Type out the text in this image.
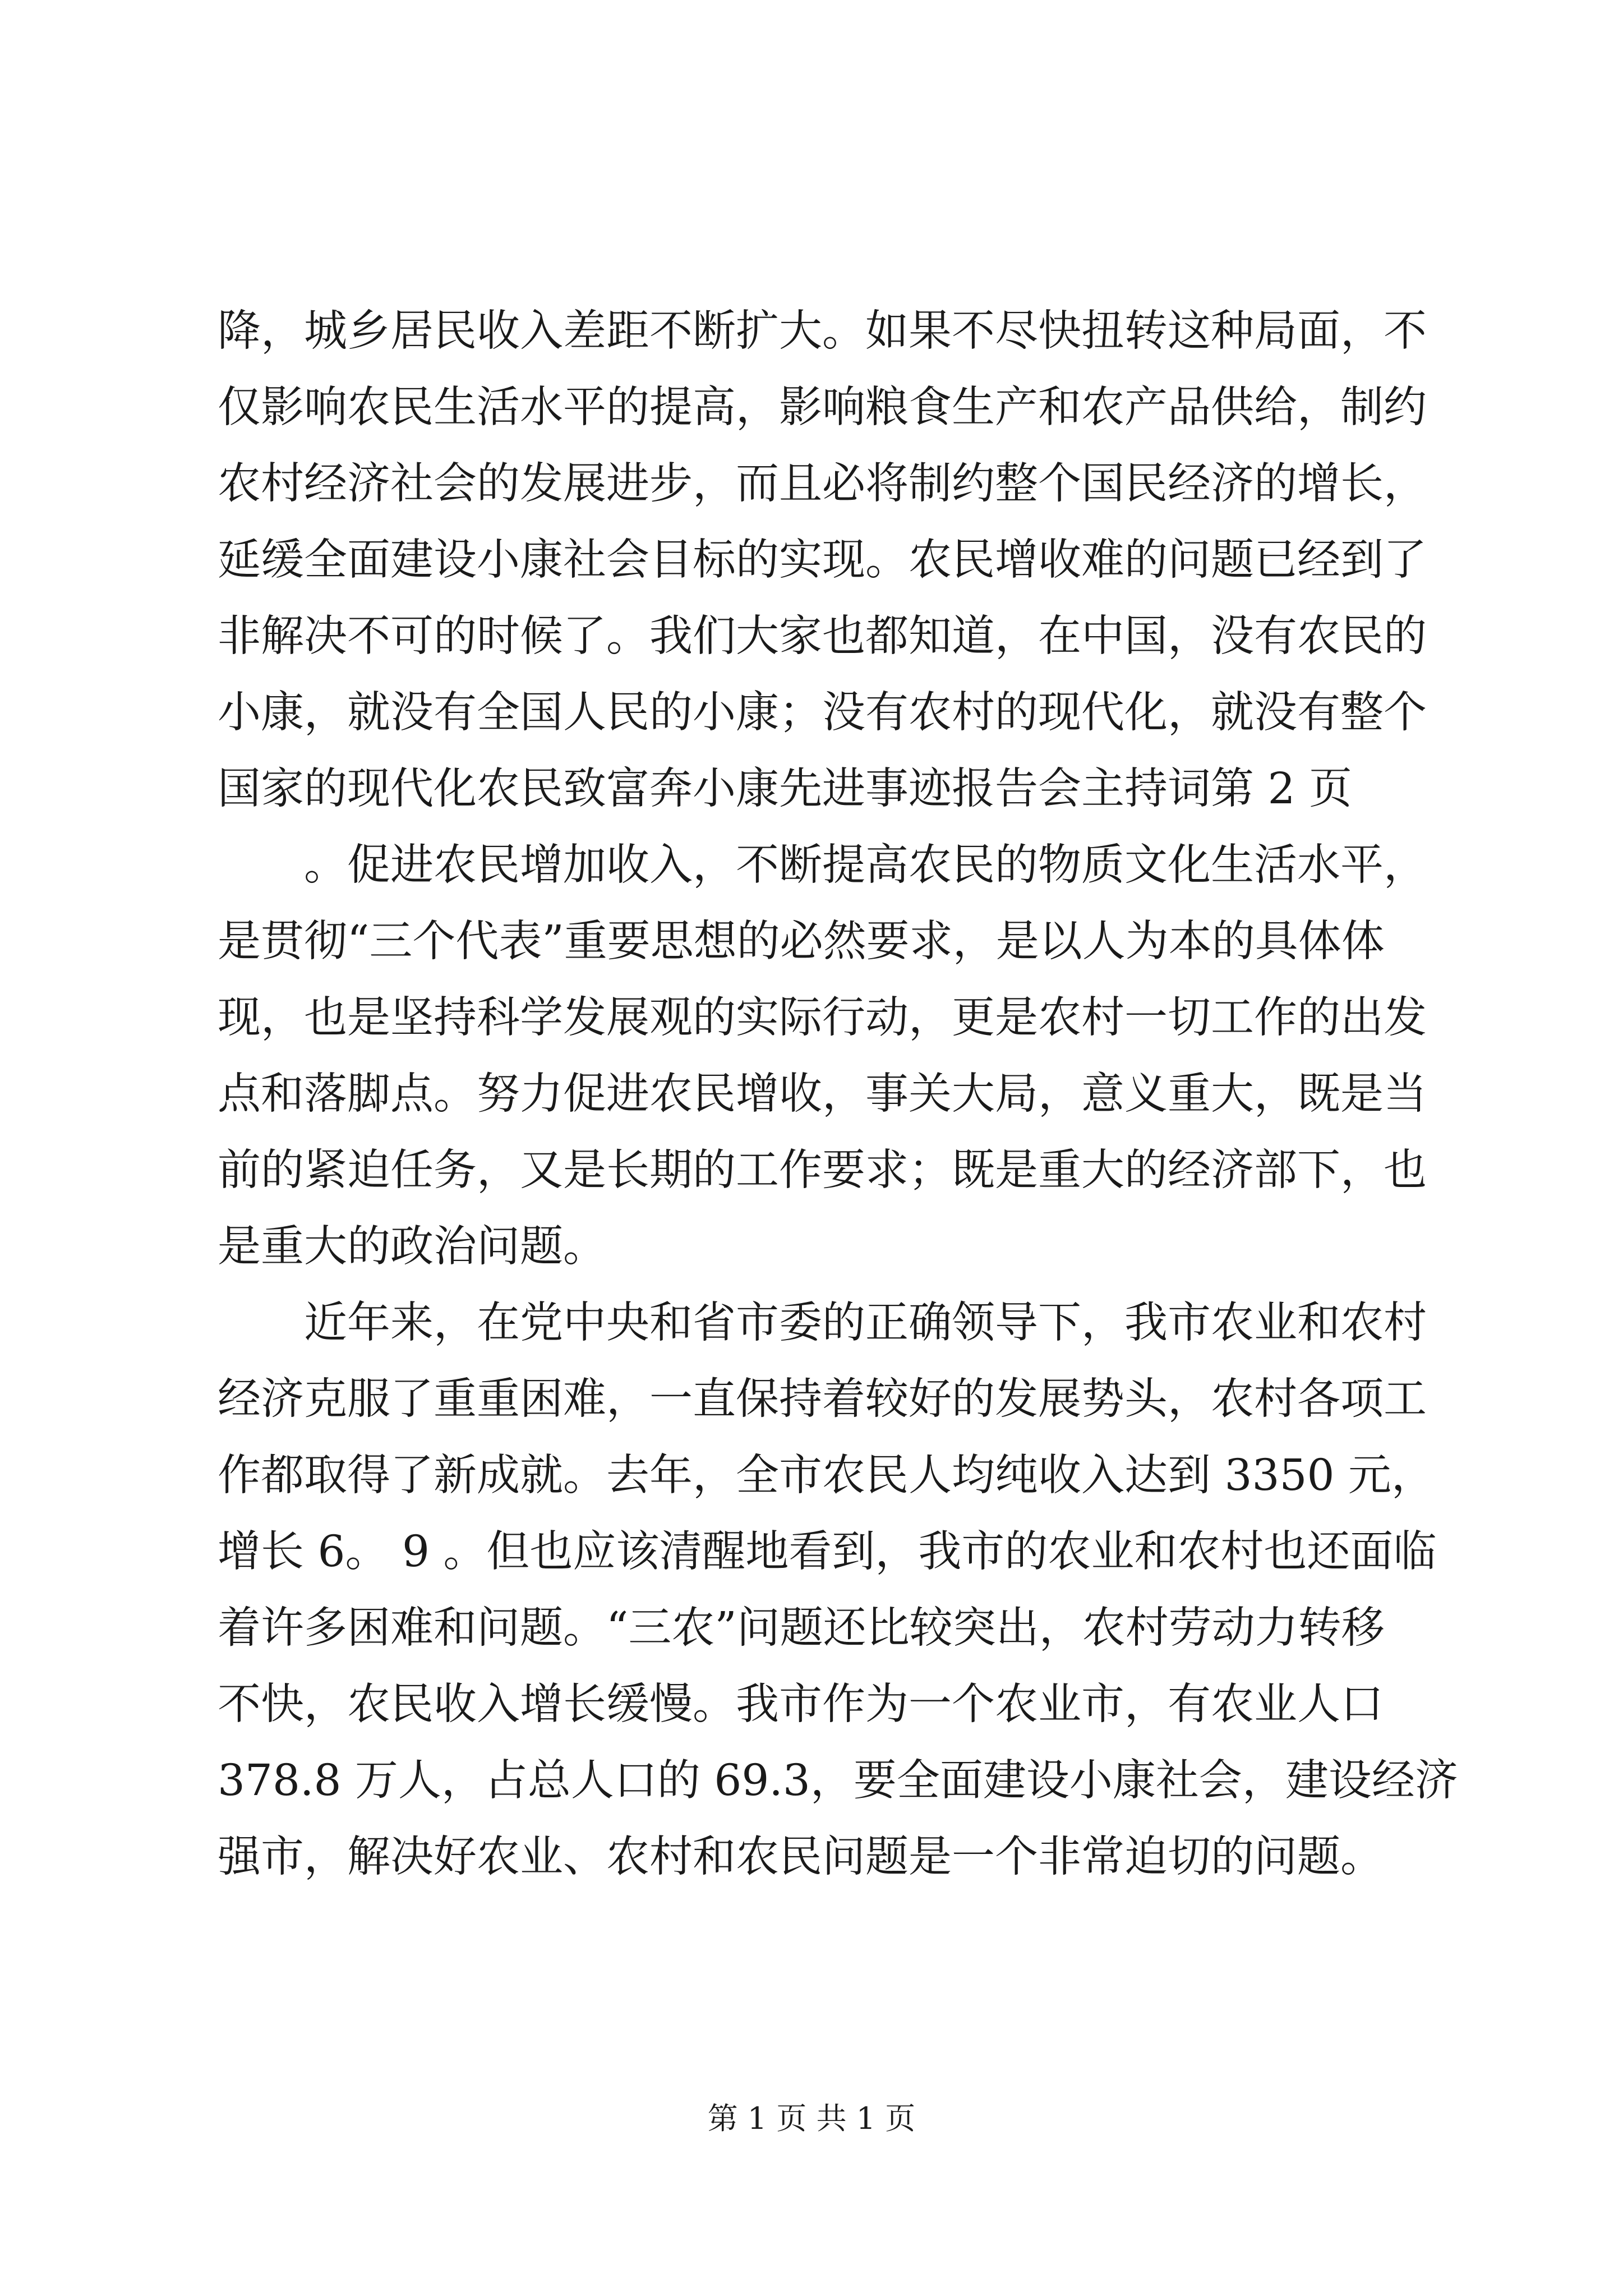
降，城乡居民收入差距不断扩大。如果不尽快扭转这种局面，不
仅影响农民生活水平的提高，影响粮食生产和农产品供给，制约
农村经济社会的发展进步，而且必将制约整个国民经济的增长，
延缓全面建设小康社会目标的实现。农民增收难的问题已经到了
非解决不可的时候了。我们大家也都知道，在中国，没有农民的
小康，就没有全国人民的小康；没有农村的现代化，就没有整个
国家的现代化农民致富奔小康先进事迹报告会主持词第 2 页
　　。促进农民增加收入，不断提高农民的物质文化生活水平，
是贯彻“三个代表”重要思想的必然要求，是以人为本的具体体
现，也是坚持科学发展观的实际行动，更是农村一切工作的出发
点和落脚点。努力促进农民增收，事关大局，意义重大，既是当
前的紧迫任务，又是长期的工作要求；既是重大的经济部下，也
是重大的政治问题。
　　近年来，在党中央和省市委的正确领导下，我市农业和农村
经济克服了重重困难，一直保持着较好的发展势头，农村各项工
作都取得了新成就。去年，全市农民人均纯收入达到 3350 元，
增长 6。 9 。但也应该清醒地看到，我市的农业和农村也还面临
着许多困难和问题。“三农”问题还比较突出，农村劳动力转移
不快，农民收入增长缓慢。我市作为一个农业市，有农业人口
378.8 万人，占总人口的 69.3，要全面建设小康社会，建设经济
强市，解决好农业、农村和农民问题是一个非常迫切的问题。
第 1 页 共 1 页
